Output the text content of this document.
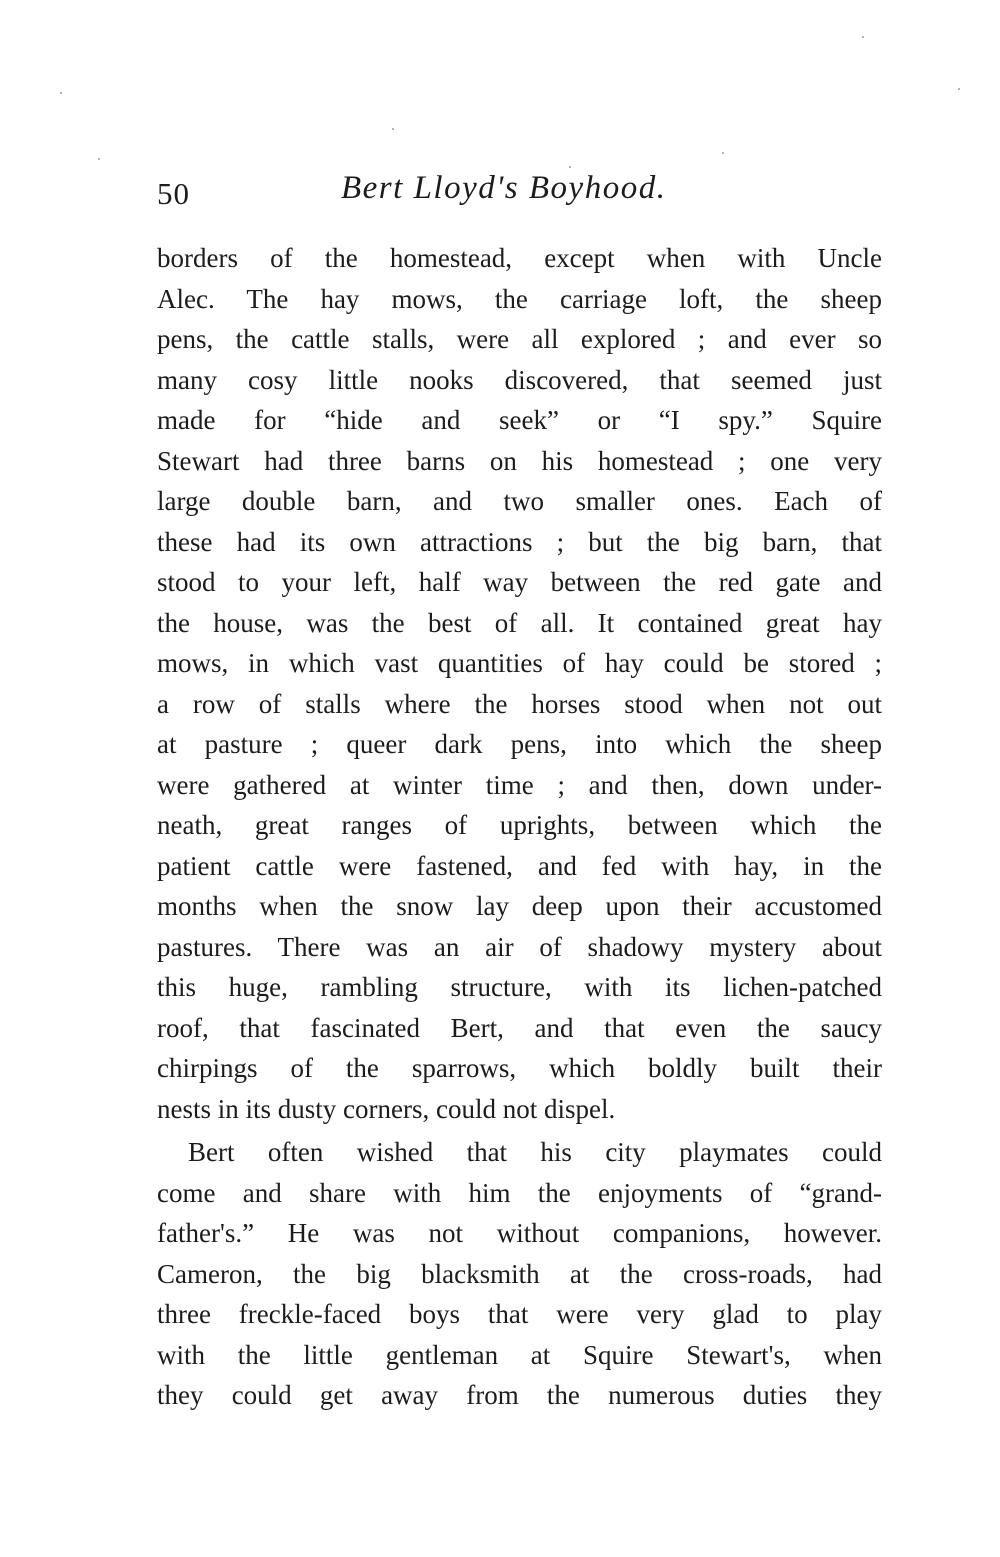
50	Bert Lloyd's Boyhood.
borders of the homestead, except when with Uncle
Alec. The hay mows, the carriage loft, the sheep
pens, the cattle stalls, were all explored ; and ever so
many cosy little nooks discovered, that seemed just
made for “hide and seek” or “I spy.” Squire
Stewart had three barns on his homestead ; one very
large double barn, and two smaller ones. Each of
these had its own attractions ; but the big barn, that
stood to your left, half way between the red gate and
the house, was the best of all. It contained great hay
mows, in which vast quantities of hay could be stored ;
a row of stalls where the horses stood when not out
at pasture ; queer dark pens, into which the sheep
were gathered at winter time ; and then, down under-
neath, great ranges of uprights, between which the
patient cattle were fastened, and fed with hay, in the
months when the snow lay deep upon their accustomed
pastures. There was an air of shadowy mystery about
this huge, rambling structure, with its lichen-patched
roof, that fascinated Bert, and that even the saucy
chirpings of the sparrows, which boldly built their
nests in its dusty corners, could not dispel.
Bert often wished that his city playmates could
come and share with him the enjoyments of “grand-
father's.” He was not without companions, however.
Cameron, the big blacksmith at the cross-roads, had
three freckle-faced boys that were very glad to play
with the little gentleman at Squire Stewart's, when
they could get away from the numerous duties they
